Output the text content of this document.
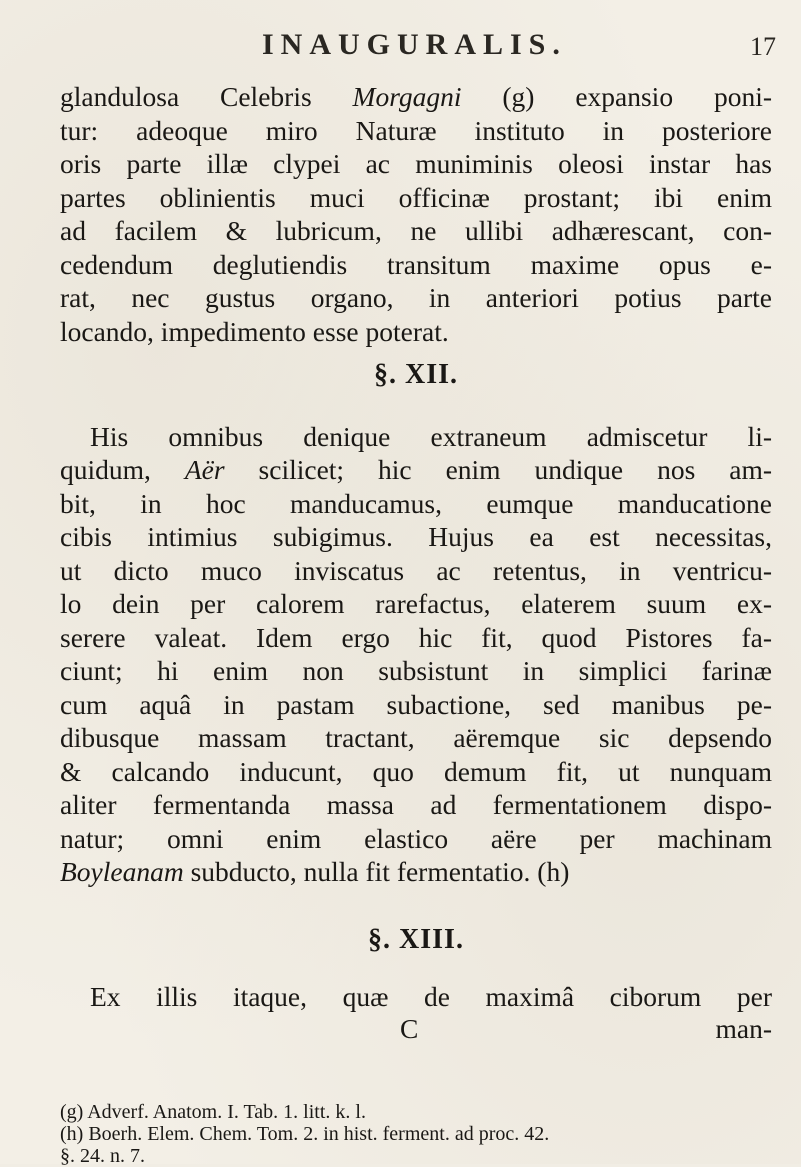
INAUGURALIS.	17
glandulosa Celebris Morgagni (g) expansio poni-
tur: adeoque miro Naturæ instituto in posteriore
oris parte illæ clypei ac muniminis oleosi instar has
partes oblinientis muci officinæ prostant; ibi enim
ad facilem & lubricum, ne ullibi adhærescant, con-
cedendum deglutiendis transitum maxime opus e-
rat, nec gustus organo, in anteriori potius parte
locando, impedimento esse poterat.
§. XII.
His omnibus denique extraneum admiscetur li-
quidum, Aër scilicet; hic enim undique nos am-
bit, in hoc manducamus, eumque manducatione
cibis intimius subigimus. Hujus ea est necessitas,
ut dicto muco inviscatus ac retentus, in ventricu-
lo dein per calorem rarefactus, elaterem suum ex-
serere valeat. Idem ergo hic fit, quod Pistores fa-
ciunt; hi enim non subsistunt in simplici farinæ
cum aquâ in pastam subactione, sed manibus pe-
dibusque massam tractant, aëremque sic depsendo
& calcando inducunt, quo demum fit, ut nunquam
aliter fermentanda massa ad fermentationem dispo-
natur; omni enim elastico aëre per machinam
Boyleanam subducto, nulla fit fermentatio. (h)
§. XIII.
Ex illis itaque, quæ de maximâ ciborum per
C	man-
(g) Adverf. Anatom. I. Tab. 1. litt. k. l.
(h) Boerh. Elem. Chem. Tom. 2. in hist. ferment. ad proc. 42.
§. 24. n. 7.
